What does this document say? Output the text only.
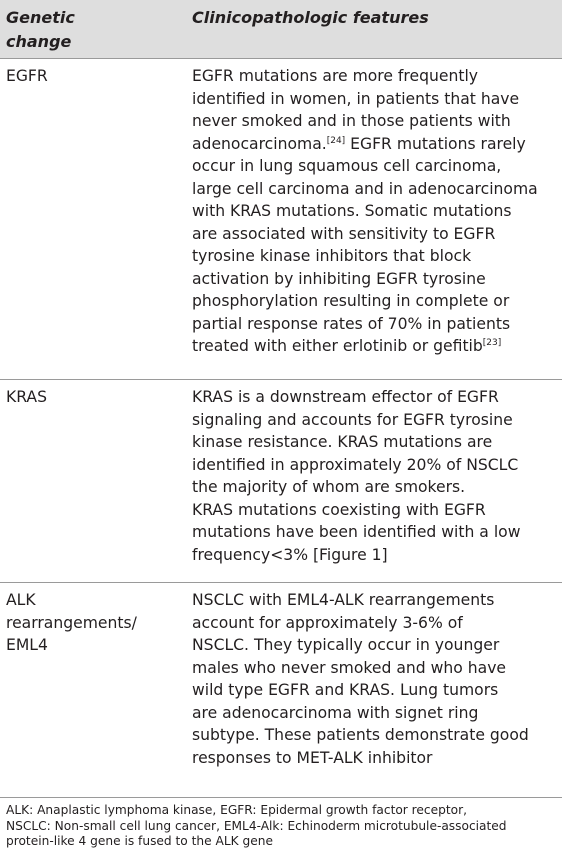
Genetic
change
Clinicopathologic features
EGFR	EGFR mutations are more frequently
identified in women, in patients that have
never smoked and in those patients with
adenocarcinoma.[24] EGFR mutations rarely
occur in lung squamous cell carcinoma,
large cell carcinoma and in adenocarcinoma
with KRAS mutations. Somatic mutations
are associated with sensitivity to EGFR
tyrosine kinase inhibitors that block
activation by inhibiting EGFR tyrosine
phosphorylation resulting in complete or
partial response rates of 70% in patients
treated with either erlotinib or gefitib[23]
KRAS	KRAS is a downstream effector of EGFR
signaling and accounts for EGFR tyrosine
kinase resistance. KRAS mutations are
identified in approximately 20% of NSCLC
the majority of whom are smokers.
KRAS mutations coexisting with EGFR
mutations have been identified with a low
frequency<3% [Figure 1]
ALK
rearrangements/
EML4
NSCLC with EML4-ALK rearrangements
account for approximately 3-6% of
NSCLC. They typically occur in younger
males who never smoked and who have
wild type EGFR and KRAS. Lung tumors
are adenocarcinoma with signet ring
subtype. These patients demonstrate good
responses to MET-ALK inhibitor
ALK: Anaplastic lymphoma kinase, EGFR: Epidermal growth factor receptor,
NSCLC: Non-small cell lung cancer, EML4-Alk: Echinoderm microtubule-associated
protein-like 4 gene is fused to the ALK gene
